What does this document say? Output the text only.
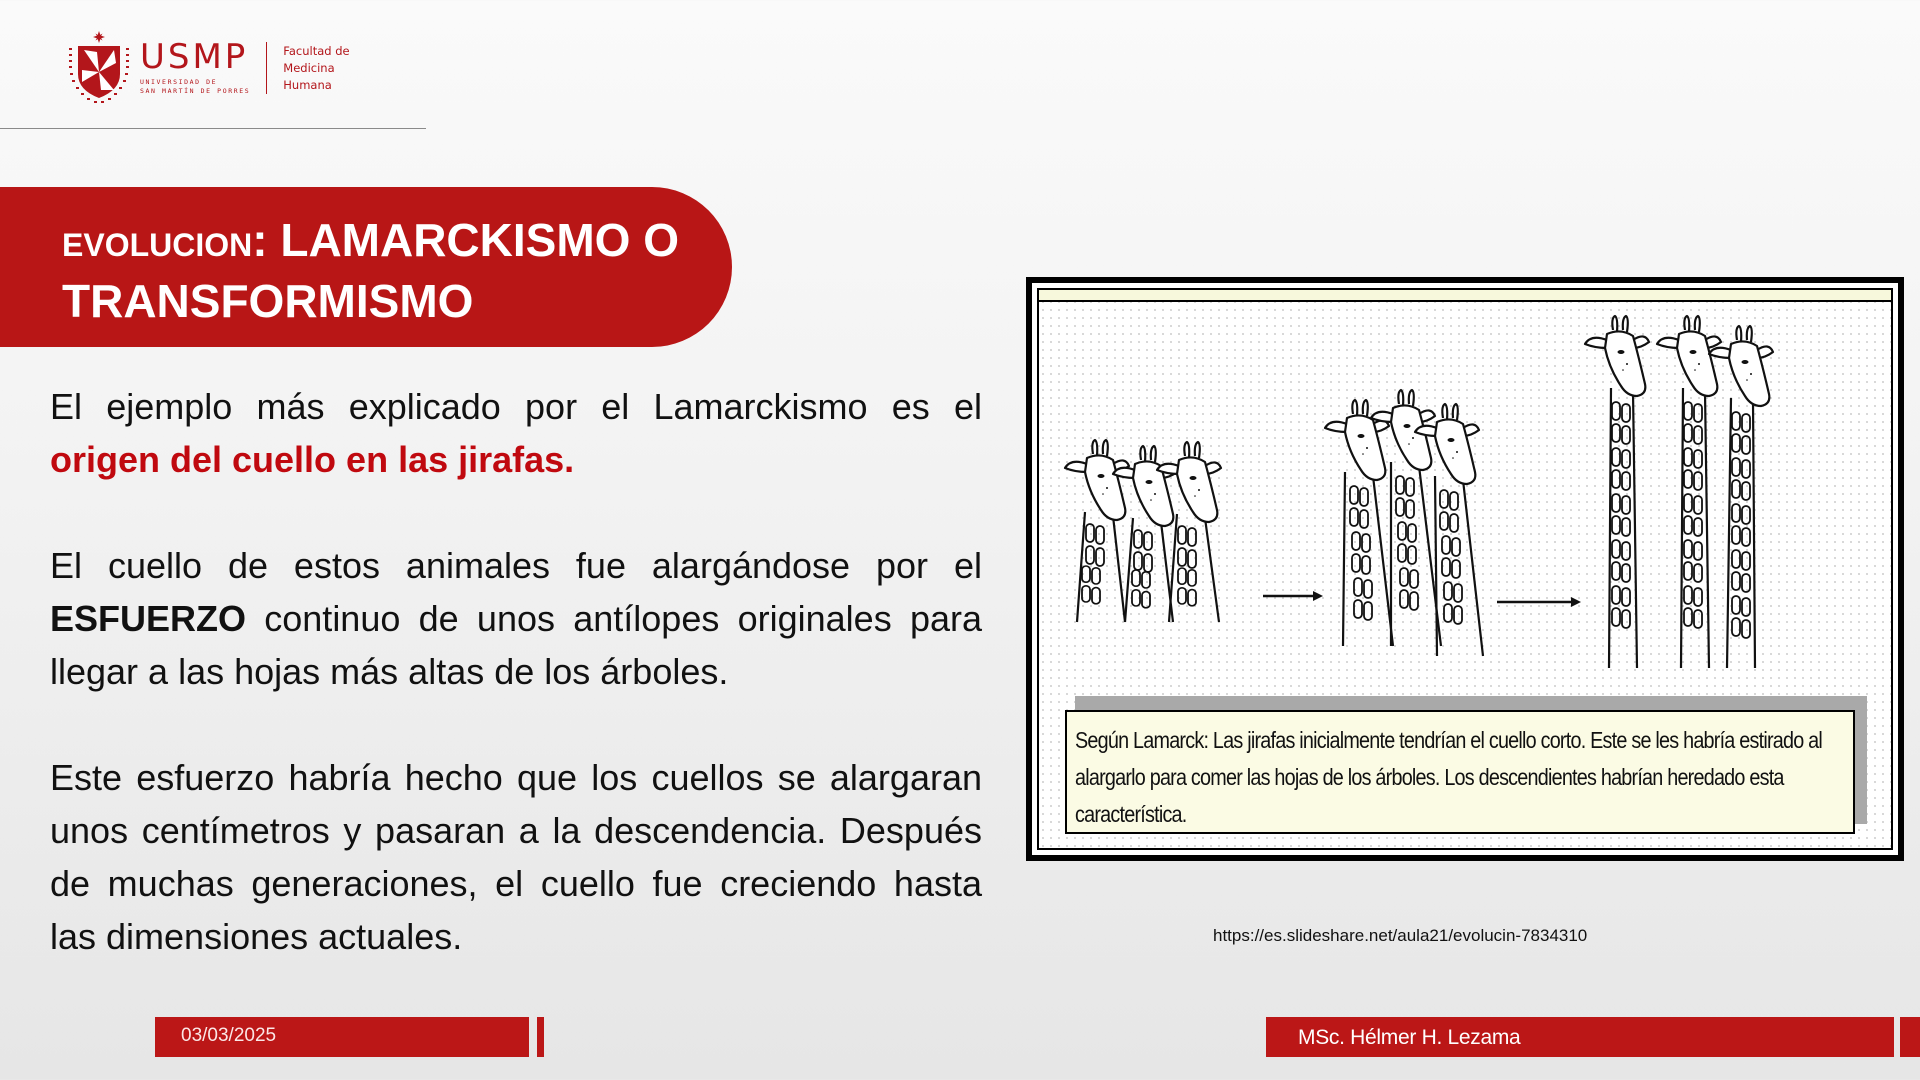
USMP
UNIVERSIDAD DE
SAN MARTÍN DE PORRES
Facultad de
Medicina
Humana
EVOLUCION: LAMARCKISMO O
TRANSFORMISMO

El ejemplo más explicado por el Lamarckismo es el origen del cuello en las jirafas.

El cuello de estos animales fue alargándose por el ESFUERZO continuo de unos antílopes originales para llegar a las hojas más altas de los árboles.

Este esfuerzo habría hecho que los cuellos se alargaran unos centímetros y pasaran a la descendencia. Después de muchas generaciones, el cuello fue creciendo hasta las dimensiones actuales.

Según Lamarck: Las jirafas inicialmente tendrían el cuello corto. Este se les habría estirado al alargarlo para comer las hojas de los árboles. Los descendientes habrían heredado esta característica.
https://es.slideshare.net/aula21/evolucin-7834310
03/03/2025	MSc. Hélmer H. Lezama
